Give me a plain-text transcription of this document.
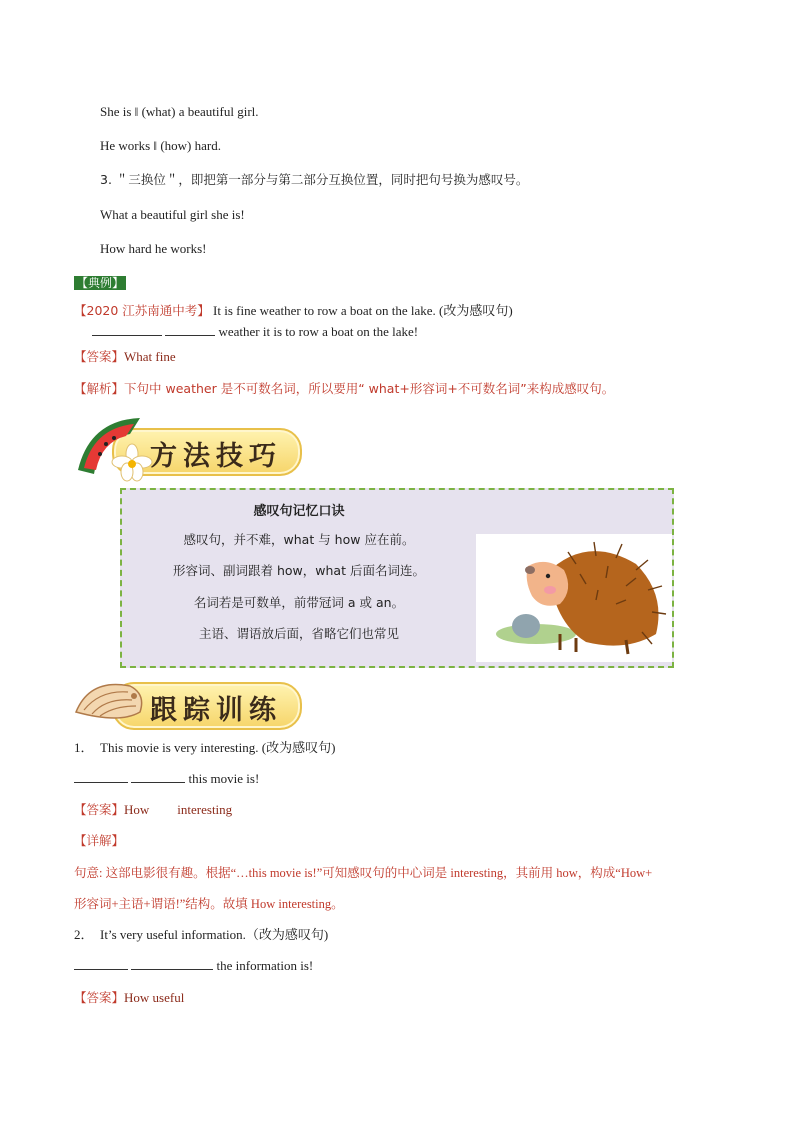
She is ‖ (what) a beautiful girl.
He works ‖ (how) hard.
3. ＂三换位＂，即把第一部分与第二部分互换位置，同时把句号换为感叹号。
What a beautiful girl she is!
How hard he works!
【典例】
【2020 江苏南通中考】 It is fine weather to row a boat on the lake. (改为感叹句)
weather it is to row a boat on the lake!
【答案】What fine
【解析】下句中 weather 是不可数名词，所以要用“ what+形容词+不可数名词”来构成感叹句。
方法技巧
感叹句记忆口诀
感叹句，并不难，what 与 how 应在前。
形容词、副词跟着 how，what 后面名词连。
名词若是可数单，前带冠词 a 或 an。
主语、谓语放后面，省略它们也常见
跟踪训练
1． This movie is very interesting. (改为感叹句)
this movie is!
【答案】How interesting
【详解】
句意: 这部电影很有趣。根据“…this movie is!”可知感叹句的中心词是 interesting，其前用 how，构成“How+
形容词+主语+谓语!”结构。故填 How interesting。
2． It’s very useful information.（改为感叹句)
the information is!
【答案】How useful
